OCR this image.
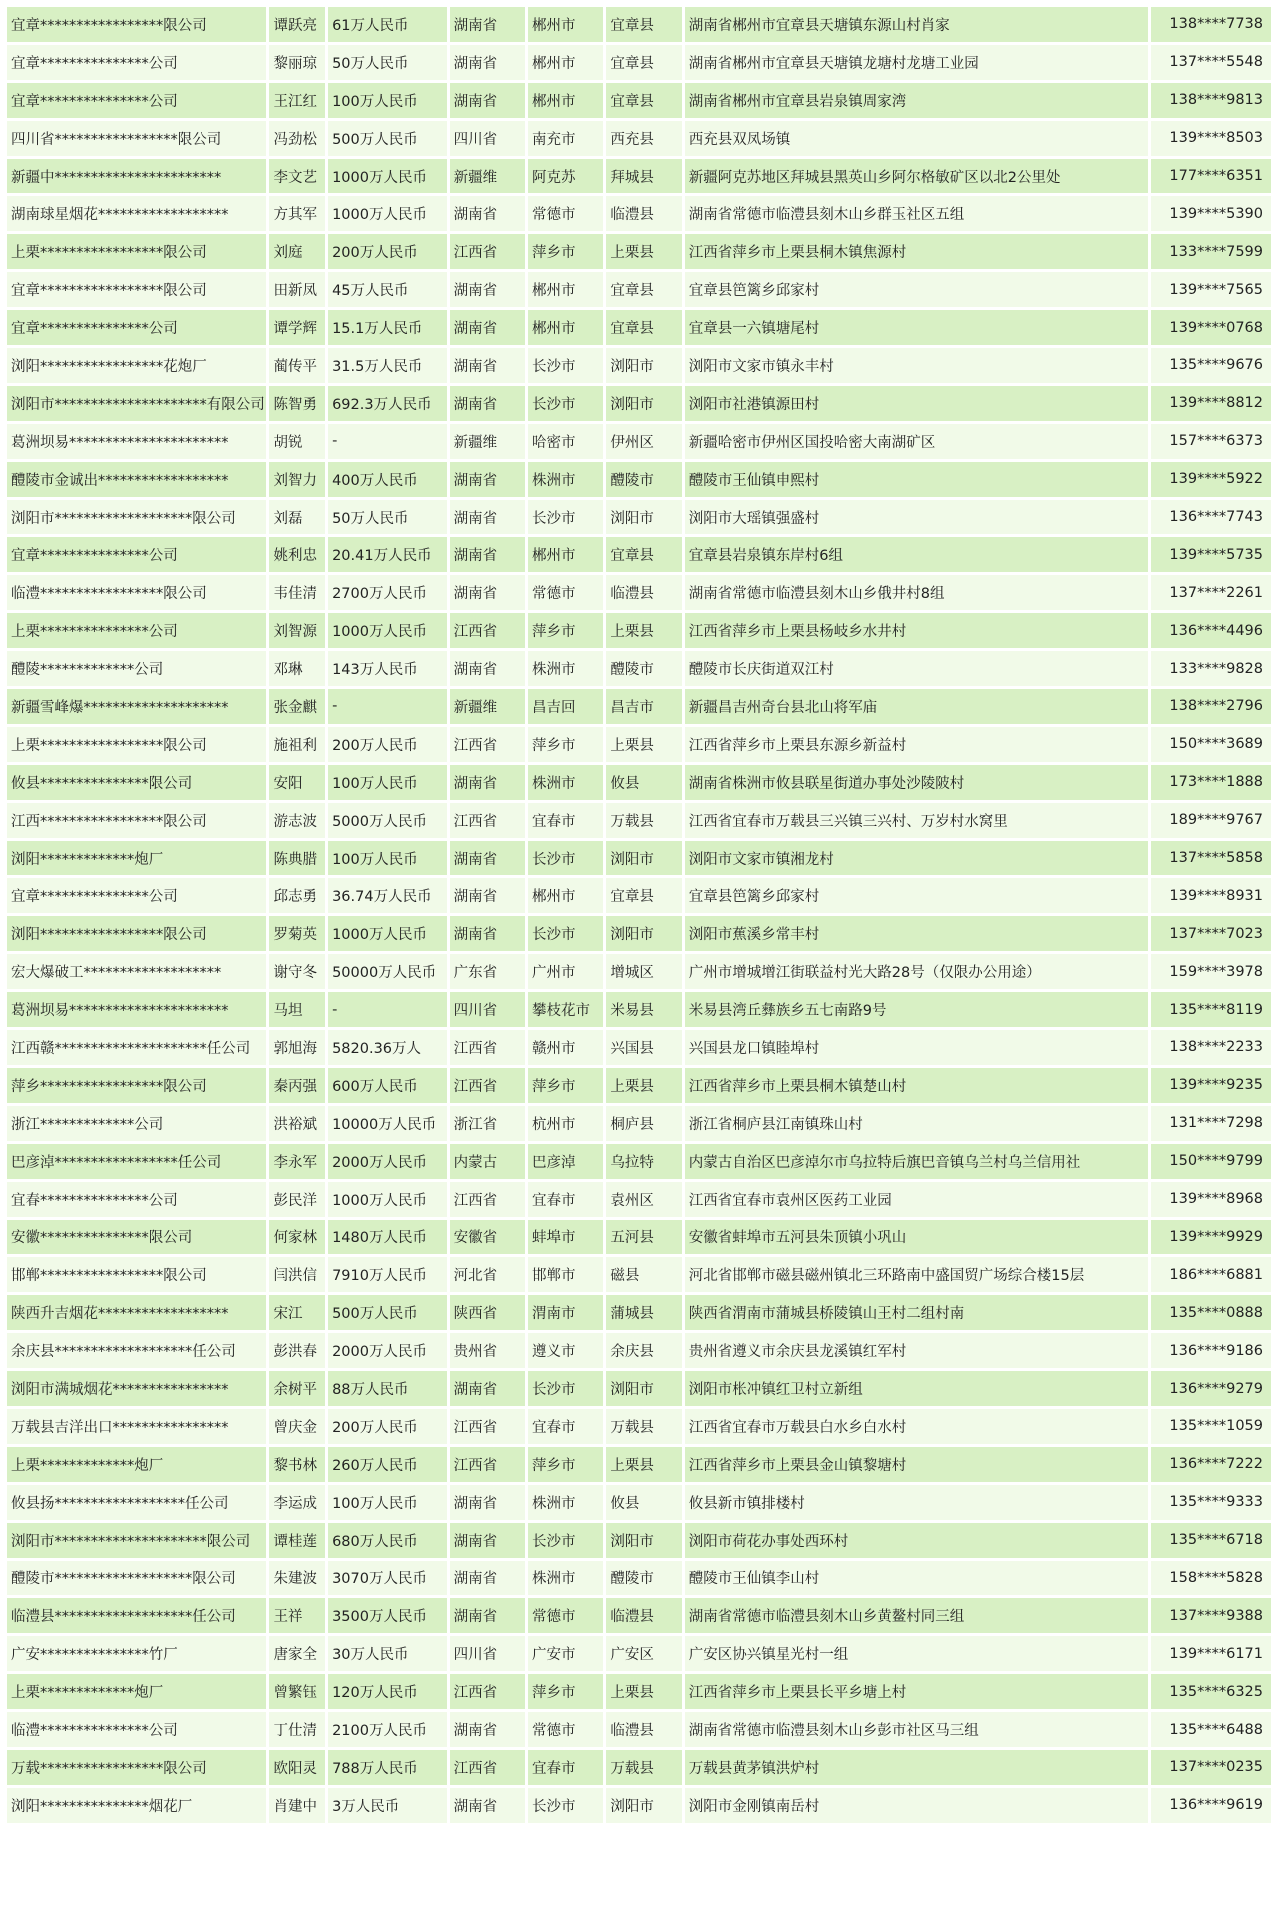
宜章*****************限公司	谭跃亮	61万人民币	湖南省	郴州市	宜章县	湖南省郴州市宜章县天塘镇东源山村肖家	138****7738
宜章***************公司	黎丽琼	50万人民币	湖南省	郴州市	宜章县	湖南省郴州市宜章县天塘镇龙塘村龙塘工业园	137****5548
宜章***************公司	王江红	100万人民币	湖南省	郴州市	宜章县	湖南省郴州市宜章县岩泉镇周家湾	138****9813
四川省*****************限公司	冯劲松	500万人民币	四川省	南充市	西充县	西充县双凤场镇	139****8503
新疆中***********************	李文艺	1000万人民币	新疆维	阿克苏	拜城县	新疆阿克苏地区拜城县黑英山乡阿尔格敏矿区以北2公里处	177****6351
湖南球星烟花******************	方其军	1000万人民币	湖南省	常德市	临澧县	湖南省常德市临澧县刻木山乡群玉社区五组	139****5390
上栗*****************限公司	刘庭	200万人民币	江西省	萍乡市	上栗县	江西省萍乡市上栗县桐木镇焦源村	133****7599
宜章*****************限公司	田新凤	45万人民币	湖南省	郴州市	宜章县	宜章县笆篱乡邱家村	139****7565
宜章***************公司	谭学辉	15.1万人民币	湖南省	郴州市	宜章县	宜章县一六镇塘尾村	139****0768
浏阳*****************花炮厂	蔺传平	31.5万人民币	湖南省	长沙市	浏阳市	浏阳市文家市镇永丰村	135****9676
浏阳市*********************有限公司	陈智勇	692.3万人民币	湖南省	长沙市	浏阳市	浏阳市社港镇源田村	139****8812
葛洲坝易**********************	胡锐	-	新疆维	哈密市	伊州区	新疆哈密市伊州区国投哈密大南湖矿区	157****6373
醴陵市金诚出******************	刘智力	400万人民币	湖南省	株洲市	醴陵市	醴陵市王仙镇申熙村	139****5922
浏阳市*******************限公司	刘磊	50万人民币	湖南省	长沙市	浏阳市	浏阳市大瑶镇强盛村	136****7743
宜章***************公司	姚利忠	20.41万人民币	湖南省	郴州市	宜章县	宜章县岩泉镇东岸村6组	139****5735
临澧*****************限公司	韦佳清	2700万人民币	湖南省	常德市	临澧县	湖南省常德市临澧县刻木山乡俄井村8组	137****2261
上栗***************公司	刘智源	1000万人民币	江西省	萍乡市	上栗县	江西省萍乡市上栗县杨岐乡水井村	136****4496
醴陵*************公司	邓琳	143万人民币	湖南省	株洲市	醴陵市	醴陵市长庆街道双江村	133****9828
新疆雪峰爆********************	张金麒	-	新疆维	昌吉回	昌吉市	新疆昌吉州奇台县北山将军庙	138****2796
上栗*****************限公司	施祖利	200万人民币	江西省	萍乡市	上栗县	江西省萍乡市上栗县东源乡新益村	150****3689
攸县***************限公司	安阳	100万人民币	湖南省	株洲市	攸县	湖南省株洲市攸县联星街道办事处沙陵陂村	173****1888
江西*****************限公司	游志波	5000万人民币	江西省	宜春市	万载县	江西省宜春市万载县三兴镇三兴村、万岁村水窝里	189****9767
浏阳*************炮厂	陈典腊	100万人民币	湖南省	长沙市	浏阳市	浏阳市文家市镇湘龙村	137****5858
宜章***************公司	邱志勇	36.74万人民币	湖南省	郴州市	宜章县	宜章县笆篱乡邱家村	139****8931
浏阳*****************限公司	罗菊英	1000万人民币	湖南省	长沙市	浏阳市	浏阳市蕉溪乡常丰村	137****7023
宏大爆破工*******************	谢守冬	50000万人民币	广东省	广州市	增城区	广州市增城增江街联益村光大路28号（仅限办公用途）	159****3978
葛洲坝易**********************	马坦	-	四川省	攀枝花市	米易县	米易县湾丘彝族乡五七南路9号	135****8119
江西赣*********************任公司	郭旭海	5820.36万人	江西省	赣州市	兴国县	兴国县龙口镇睦埠村	138****2233
萍乡*****************限公司	秦丙强	600万人民币	江西省	萍乡市	上栗县	江西省萍乡市上栗县桐木镇楚山村	139****9235
浙江*************公司	洪裕斌	10000万人民币	浙江省	杭州市	桐庐县	浙江省桐庐县江南镇珠山村	131****7298
巴彦淖*****************任公司	李永军	2000万人民币	内蒙古	巴彦淖	乌拉特	内蒙古自治区巴彦淖尔市乌拉特后旗巴音镇乌兰村乌兰信用社	150****9799
宜春***************公司	彭民洋	1000万人民币	江西省	宜春市	袁州区	江西省宜春市袁州区医药工业园	139****8968
安徽***************限公司	何家林	1480万人民币	安徽省	蚌埠市	五河县	安徽省蚌埠市五河县朱顶镇小巩山	139****9929
邯郸*****************限公司	闫洪信	7910万人民币	河北省	邯郸市	磁县	河北省邯郸市磁县磁州镇北三环路南中盛国贸广场综合楼15层	186****6881
陕西升吉烟花******************	宋江	500万人民币	陕西省	渭南市	蒲城县	陕西省渭南市蒲城县桥陵镇山王村二组村南	135****0888
余庆县*******************任公司	彭洪春	2000万人民币	贵州省	遵义市	余庆县	贵州省遵义市余庆县龙溪镇红军村	136****9186
浏阳市满城烟花****************	余树平	88万人民币	湖南省	长沙市	浏阳市	浏阳市枨冲镇红卫村立新组	136****9279
万载县吉洋出口****************	曾庆金	200万人民币	江西省	宜春市	万载县	江西省宜春市万载县白水乡白水村	135****1059
上栗*************炮厂	黎书林	260万人民币	江西省	萍乡市	上栗县	江西省萍乡市上栗县金山镇黎塘村	136****7222
攸县扬******************任公司	李运成	100万人民币	湖南省	株洲市	攸县	攸县新市镇排楼村	135****9333
浏阳市*********************限公司	谭桂莲	680万人民币	湖南省	长沙市	浏阳市	浏阳市荷花办事处西环村	135****6718
醴陵市*******************限公司	朱建波	3070万人民币	湖南省	株洲市	醴陵市	醴陵市王仙镇李山村	158****5828
临澧县*******************任公司	王祥	3500万人民币	湖南省	常德市	临澧县	湖南省常德市临澧县刻木山乡黄鳌村同三组	137****9388
广安***************竹厂	唐家全	30万人民币	四川省	广安市	广安区	广安区协兴镇星光村一组	139****6171
上栗*************炮厂	曾繁钰	120万人民币	江西省	萍乡市	上栗县	江西省萍乡市上栗县长平乡塘上村	135****6325
临澧***************公司	丁仕清	2100万人民币	湖南省	常德市	临澧县	湖南省常德市临澧县刻木山乡彭市社区马三组	135****6488
万载*****************限公司	欧阳灵	788万人民币	江西省	宜春市	万载县	万载县黄茅镇洪炉村	137****0235
浏阳***************烟花厂	肖建中	3万人民币	湖南省	长沙市	浏阳市	浏阳市金刚镇南岳村	136****9619
